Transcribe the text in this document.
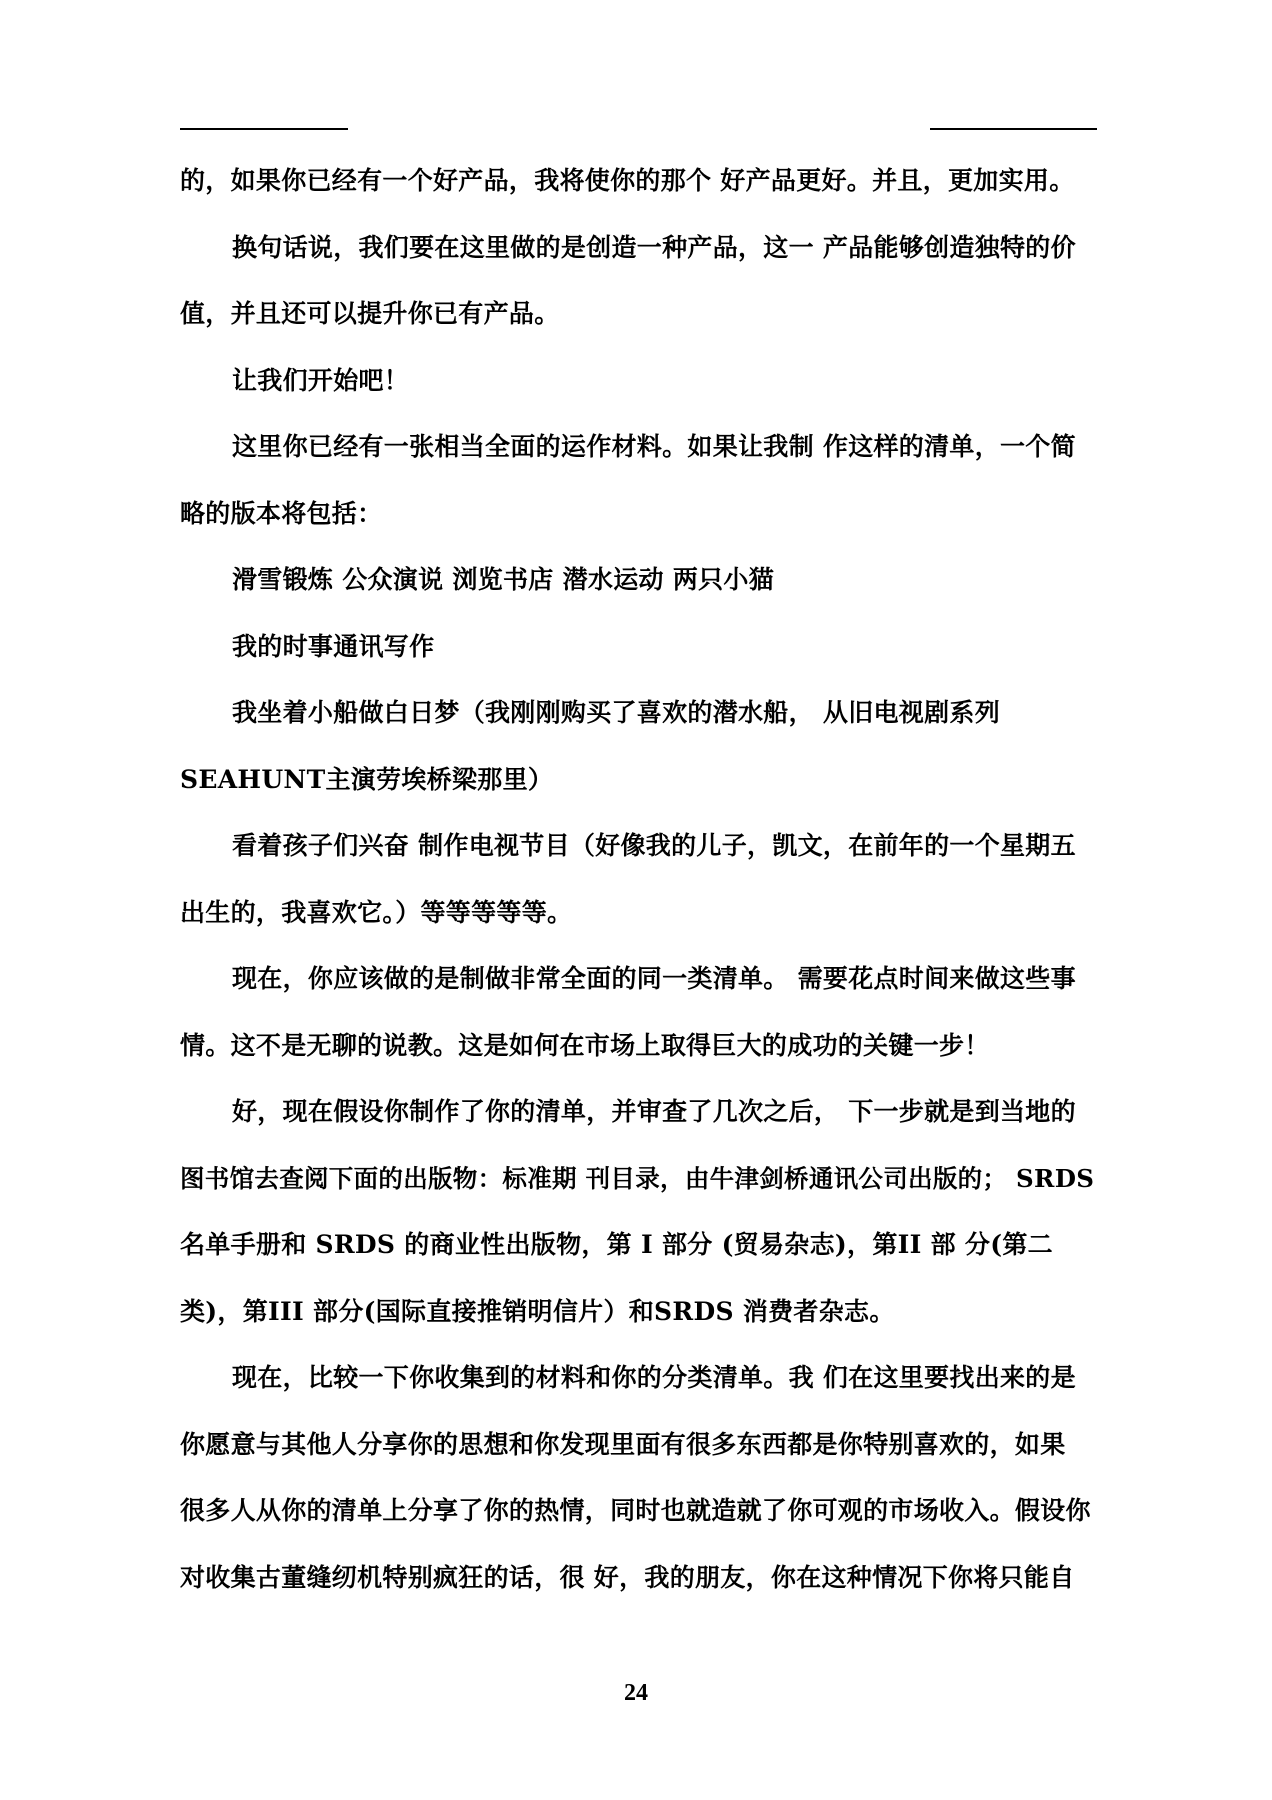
的，如果你已经有一个好产品，我将使你的那个 好产品更好。并且，更加实用。
换句话说，我们要在这里做的是创造一种产品，这一 产品能够创造独特的价
值，并且还可以提升你已有产品。
让我们开始吧！
这里你已经有一张相当全面的运作材料。如果让我制 作这样的清单，一个简
略的版本将包括：
滑雪锻炼 公众演说 浏览书店 潜水运动 两只小猫
我的时事通讯写作
我坐着小船做白日梦（我刚刚购买了喜欢的潜水船， 从旧电视剧系列
SEAHUNT主演劳埃桥梁那里）
看着孩子们兴奋 制作电视节目（好像我的儿子，凯文，在前年的一个星期五
出生的，我喜欢它。）等等等等等。
现在，你应该做的是制做非常全面的同一类清单。 需要花点时间来做这些事
情。这不是无聊的说教。这是如何在市场上取得巨大的成功的关键一步！
好，现在假设你制作了你的清单，并审查了几次之后， 下一步就是到当地的
图书馆去查阅下面的出版物：标准期 刊目录，由牛津剑桥通讯公司出版的； SRDS
名单手册和 SRDS 的商业性出版物，第 I 部分 (贸易杂志)，第II 部 分(第二
类)，第III 部分(国际直接推销明信片）和SRDS 消费者杂志。
现在，比较一下你收集到的材料和你的分类清单。我 们在这里要找出来的是
你愿意与其他人分享你的思想和你发现里面有很多东西都是你特别喜欢的，如果
很多人从你的清单上分享了你的热情，同时也就造就了你可观的市场收入。假设你
对收集古董缝纫机特别疯狂的话，很 好，我的朋友，你在这种情况下你将只能自
24
